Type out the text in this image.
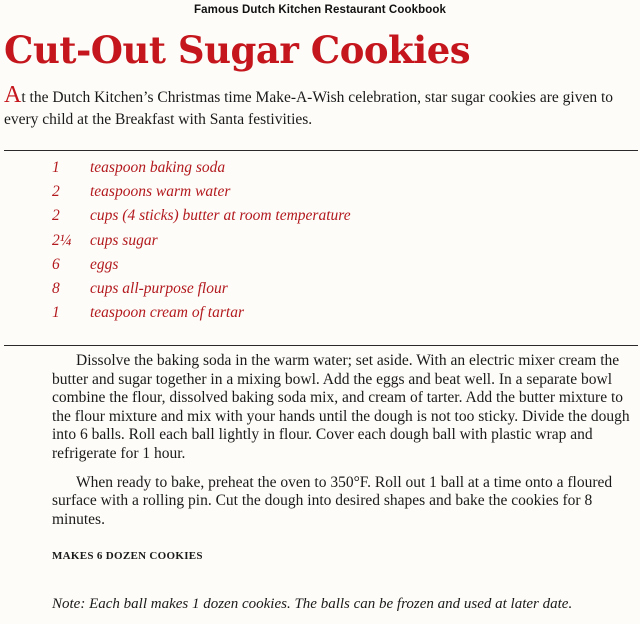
Famous Dutch Kitchen Restaurant Cookbook
Cut-Out Sugar Cookies

At the Dutch Kitchen’s Christmas time Make-A-Wish celebration, star sugar cookies are given to every child at the Breakfast with Santa festivities.

1 teaspoon baking soda
2 teaspoons warm water
2 cups (4 sticks) butter at room temperature
2¼ cups sugar
6 eggs
8 cups all-purpose flour
1 teaspoon cream of tartar

Dissolve the baking soda in the warm water; set aside. With an electric mixer cream the butter and sugar together in a mixing bowl. Add the eggs and beat well. In a separate bowl combine the flour, dissolved baking soda mix, and cream of tarter. Add the butter mixture to the flour mixture and mix with your hands until the dough is not too sticky. Divide the dough into 6 balls. Roll each ball lightly in flour. Cover each dough ball with plastic wrap and refrigerate for 1 hour.

When ready to bake, preheat the oven to 350°F. Roll out 1 ball at a time onto a floured surface with a rolling pin. Cut the dough into desired shapes and bake the cookies for 8 minutes.

MAKES 6 DOZEN COOKIES
Note: Each ball makes 1 dozen cookies. The balls can be frozen and used at later date.
